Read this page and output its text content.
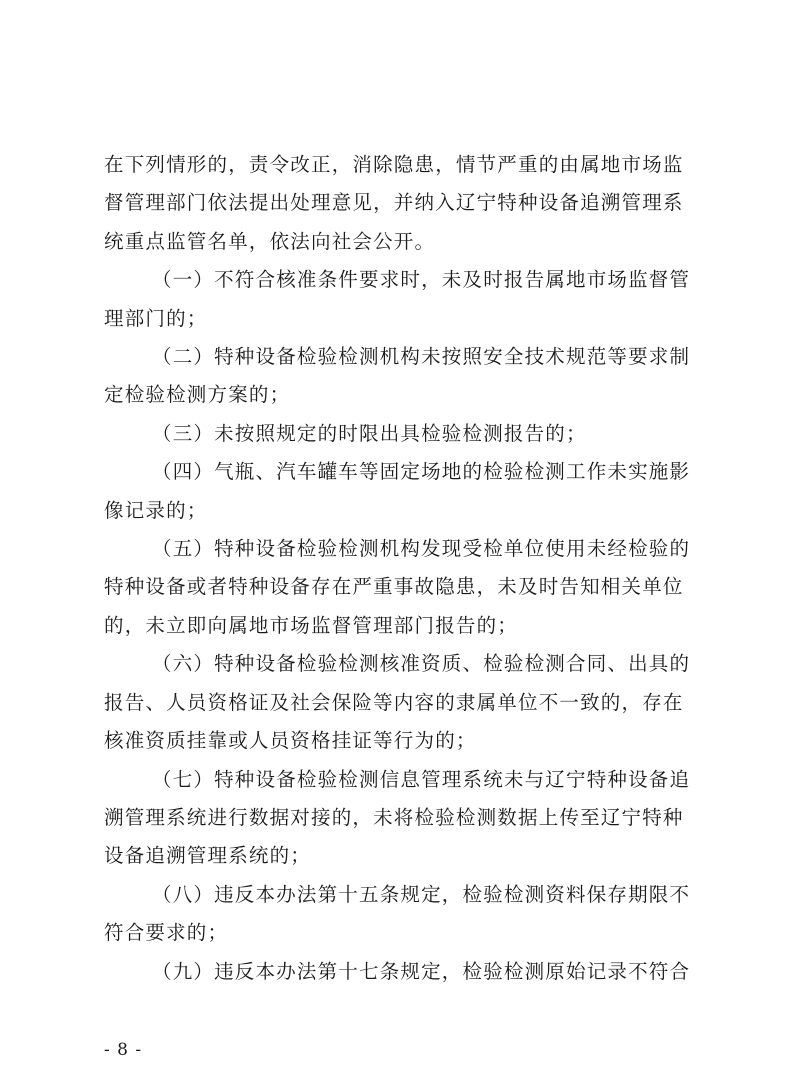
在下列情形的，责令改正，消除隐患，情节严重的由属地市场监
督管理部门依法提出处理意见，并纳入辽宁特种设备追溯管理系
统重点监管名单，依法向社会公开。

（一）不符合核准条件要求时，未及时报告属地市场监督管
理部门的；

（二）特种设备检验检测机构未按照安全技术规范等要求制
定检验检测方案的；

（三）未按照规定的时限出具检验检测报告的；

（四）气瓶、汽车罐车等固定场地的检验检测工作未实施影
像记录的；

（五）特种设备检验检测机构发现受检单位使用未经检验的
特种设备或者特种设备存在严重事故隐患，未及时告知相关单位
的，未立即向属地市场监督管理部门报告的；

（六）特种设备检验检测核准资质、检验检测合同、出具的
报告、人员资格证及社会保险等内容的隶属单位不一致的，存在
核准资质挂靠或人员资格挂证等行为的；

（七）特种设备检验检测信息管理系统未与辽宁特种设备追
溯管理系统进行数据对接的，未将检验检测数据上传至辽宁特种
设备追溯管理系统的；

（八）违反本办法第十五条规定，检验检测资料保存期限不
符合要求的；

（九）违反本办法第十七条规定，检验检测原始记录不符合

- 8 -
